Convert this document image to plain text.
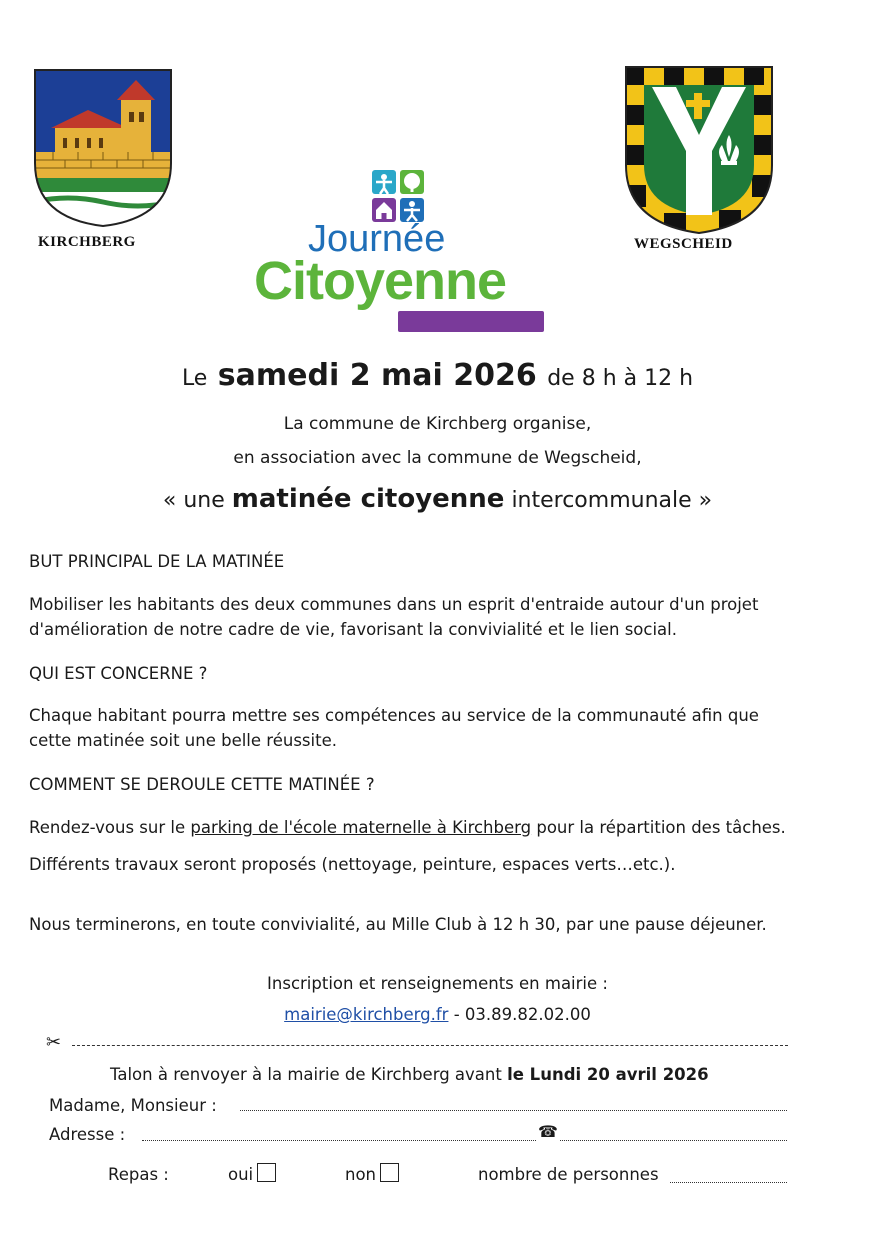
KIRCHBERG	WEGSCHEID
Journée
Citoyenne
Le samedi 2 mai 2026 de 8 h à 12 h
La commune de Kirchberg organise,
en association avec la commune de Wegscheid,
« une matinée citoyenne intercommunale »
BUT PRINCIPAL DE LA MATINÉE
Mobiliser les habitants des deux communes dans un esprit d'entraide autour d'un projet
d'amélioration de notre cadre de vie, favorisant la convivialité et le lien social.
QUI EST CONCERNE ?
Chaque habitant pourra mettre ses compétences au service de la communauté afin que
cette matinée soit une belle réussite.
COMMENT SE DEROULE CETTE MATINÉE ?
Rendez-vous sur le parking de l'école maternelle à Kirchberg pour la répartition des tâches.
Différents travaux seront proposés (nettoyage, peinture, espaces verts…etc.).
Nous terminerons, en toute convivialité, au Mille Club à 12 h 30, par une pause déjeuner.
Inscription et renseignements en mairie :
mairie@kirchberg.fr - 03.89.82.02.00
✂
Talon à renvoyer à la mairie de Kirchberg avant le Lundi 20 avril 2026
Madame, Monsieur :
Adresse :	☎
Repas :	oui	non	nombre de personnes
